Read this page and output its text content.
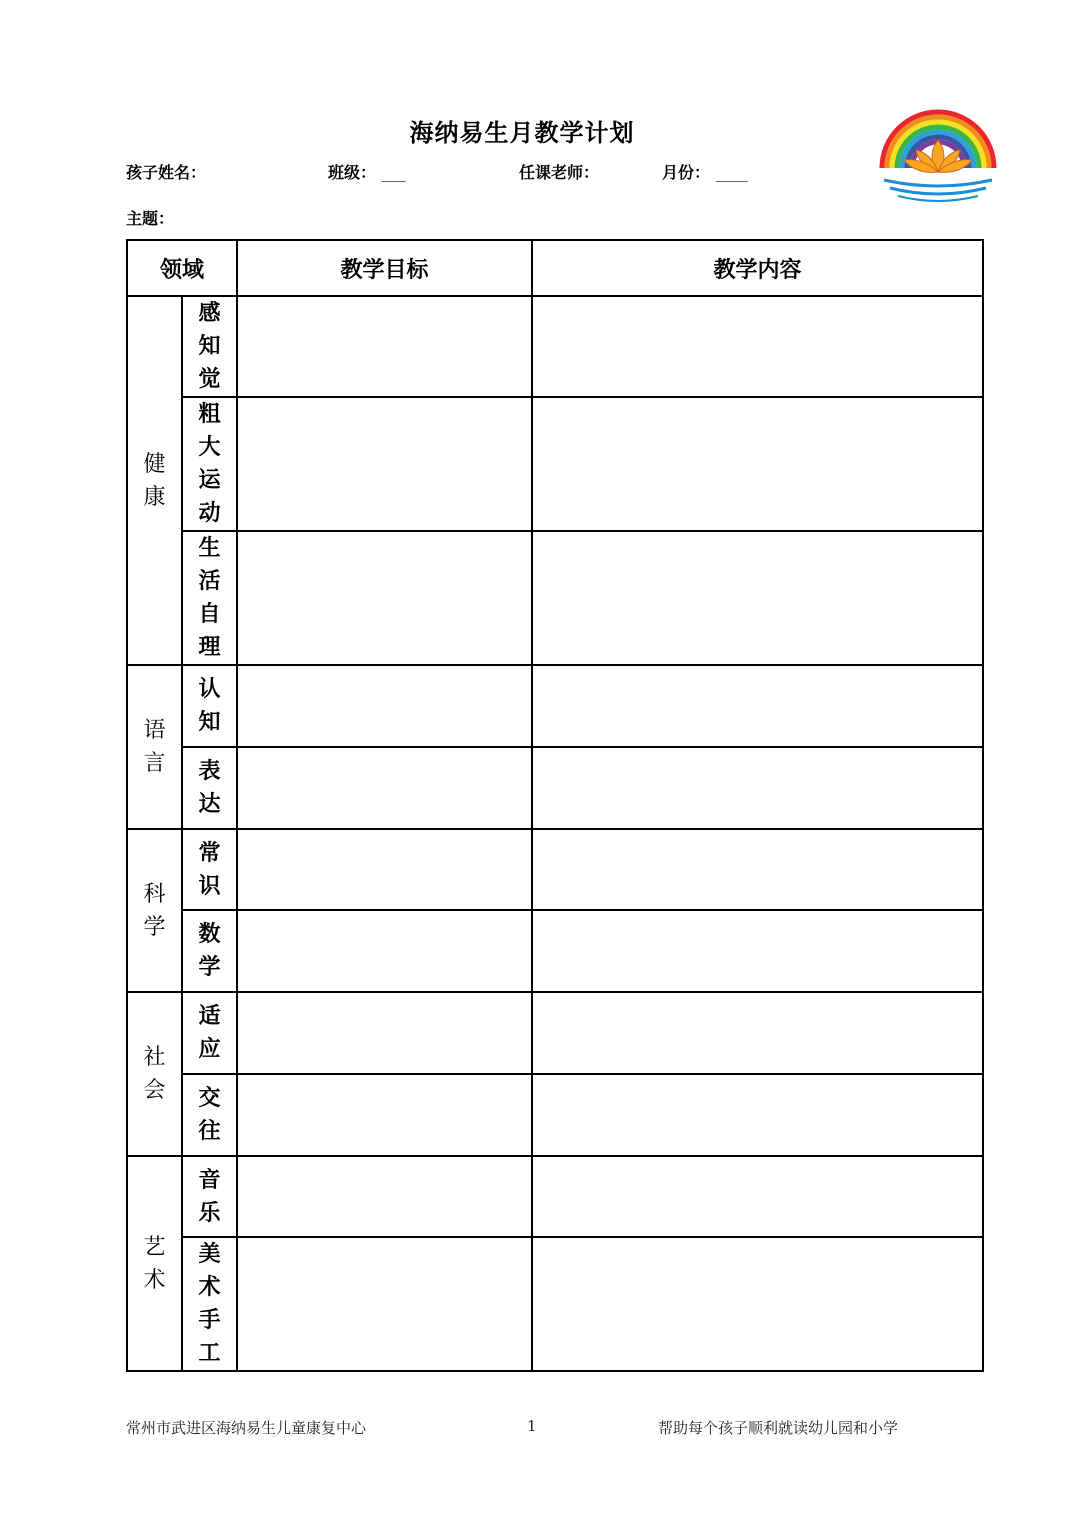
海纳易生月教学计划
孩子姓名：	班级： ___	任课老师：	月份： ____
主题：
领域		教学目标	教学内容
健康	感知觉		
	粗大运动		
	生活自理		
语言	认知		
	表达		
科学	常识		
	数学		
社会	适应		
	交往		
艺术	音乐		
	美术手工		
常州市武进区海纳易生儿童康复中心	1	帮助每个孩子顺利就读幼儿园和小学
